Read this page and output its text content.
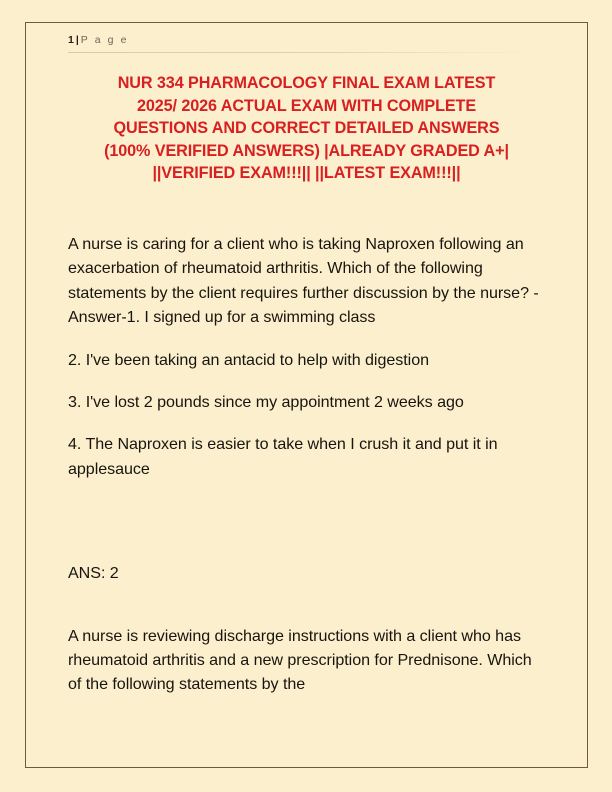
1 | P a g e
NUR 334 PHARMACOLOGY FINAL EXAM LATEST
2025/ 2026 ACTUAL EXAM WITH COMPLETE
QUESTIONS AND CORRECT DETAILED ANSWERS
(100% VERIFIED ANSWERS) |ALREADY GRADED A+|
||VERIFIED EXAM!!!|| ||LATEST EXAM!!!||

A nurse is caring for a client who is taking Naproxen following an exacerbation of rheumatoid arthritis. Which of the following statements by the client requires further discussion by the nurse? - Answer-1. I signed up for a swimming class

2. I've been taking an antacid to help with digestion

3. I've lost 2 pounds since my appointment 2 weeks ago

4. The Naproxen is easier to take when I crush it and put it in applesauce

ANS: 2

A nurse is reviewing discharge instructions with a client who has rheumatoid arthritis and a new prescription for Prednisone. Which of the following statements by the
